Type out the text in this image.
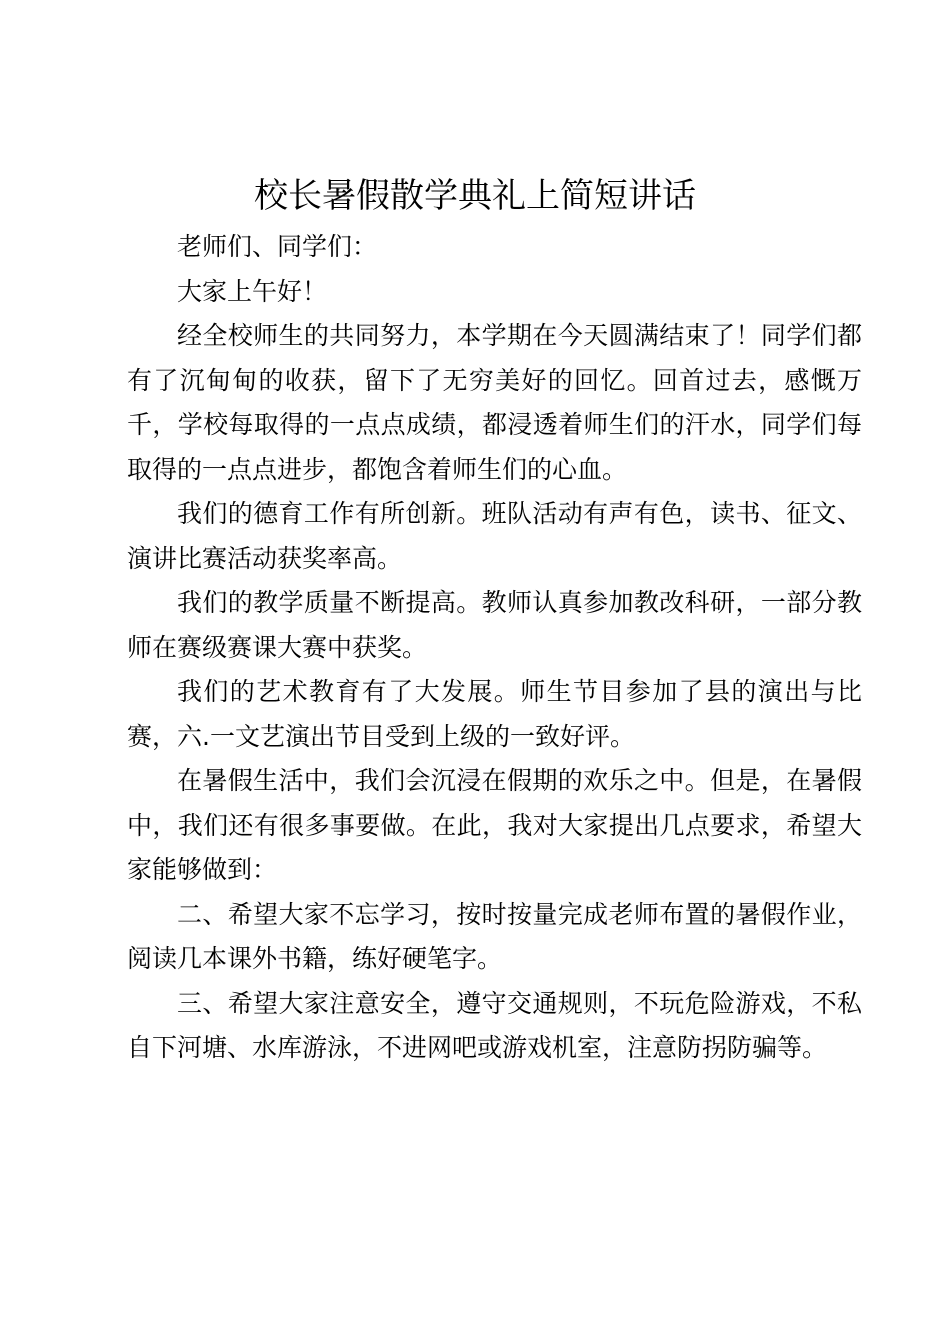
校长暑假散学典礼上简短讲话

老师们、同学们：

大家上午好！

经全校师生的共同努力，本学期在今天圆满结束了！同学们都有了沉甸甸的收获，留下了无穷美好的回忆。回首过去，感慨万千，学校每取得的一点点成绩，都浸透着师生们的汗水，同学们每取得的一点点进步，都饱含着师生们的心血。

我们的德育工作有所创新。班队活动有声有色，读书、征文、演讲比赛活动获奖率高。

我们的教学质量不断提高。教师认真参加教改科研，一部分教师在赛级赛课大赛中获奖。

我们的艺术教育有了大发展。师生节目参加了县的演出与比赛，六.一文艺演出节目受到上级的一致好评。

在暑假生活中，我们会沉浸在假期的欢乐之中。但是，在暑假中，我们还有很多事要做。在此，我对大家提出几点要求，希望大家能够做到：

二、希望大家不忘学习，按时按量完成老师布置的暑假作业，阅读几本课外书籍，练好硬笔字。

三、希望大家注意安全，遵守交通规则，不玩危险游戏，不私自下河塘、水库游泳，不进网吧或游戏机室，注意防拐防骗等。
